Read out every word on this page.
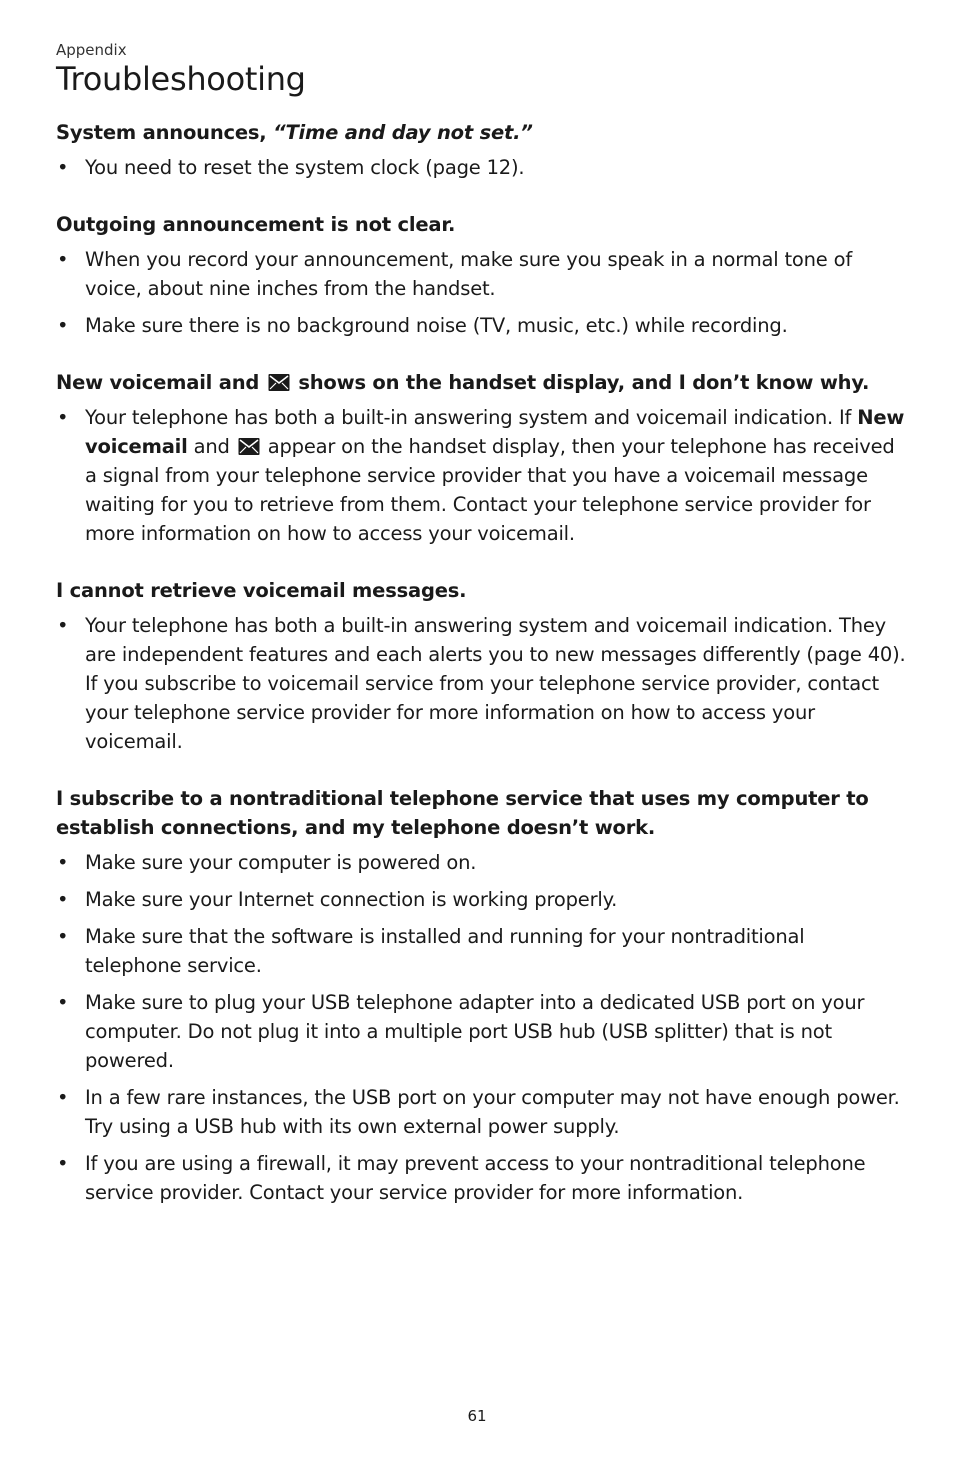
Appendix
Troubleshooting

System announces, “Time and day not set.”

• You need to reset the system clock (page 12).

Outgoing announcement is not clear.

• When you record your announcement, make sure you speak in a normal tone of voice, about nine inches from the handset.
• Make sure there is no background noise (TV, music, etc.) while recording.

New voicemail and  shows on the handset display, and I don’t know why.

• Your telephone has both a built-in answering system and voicemail indication. If New voicemail and  appear on the handset display, then your telephone has received a signal from your telephone service provider that you have a voicemail message waiting for you to retrieve from them. Contact your telephone service provider for more information on how to access your voicemail.

I cannot retrieve voicemail messages.

• Your telephone has both a built-in answering system and voicemail indication. They are independent features and each alerts you to new messages differently (page 40). If you subscribe to voicemail service from your telephone service provider, contact your telephone service provider for more information on how to access your voicemail.

I subscribe to a nontraditional telephone service that uses my computer to establish connections, and my telephone doesn’t work.

• Make sure your computer is powered on.
• Make sure your Internet connection is working properly.
• Make sure that the software is installed and running for your nontraditional telephone service.
• Make sure to plug your USB telephone adapter into a dedicated USB port on your computer. Do not plug it into a multiple port USB hub (USB splitter) that is not powered.
• In a few rare instances, the USB port on your computer may not have enough power. Try using a USB hub with its own external power supply.
• If you are using a firewall, it may prevent access to your nontraditional telephone service provider. Contact your service provider for more information.
61
